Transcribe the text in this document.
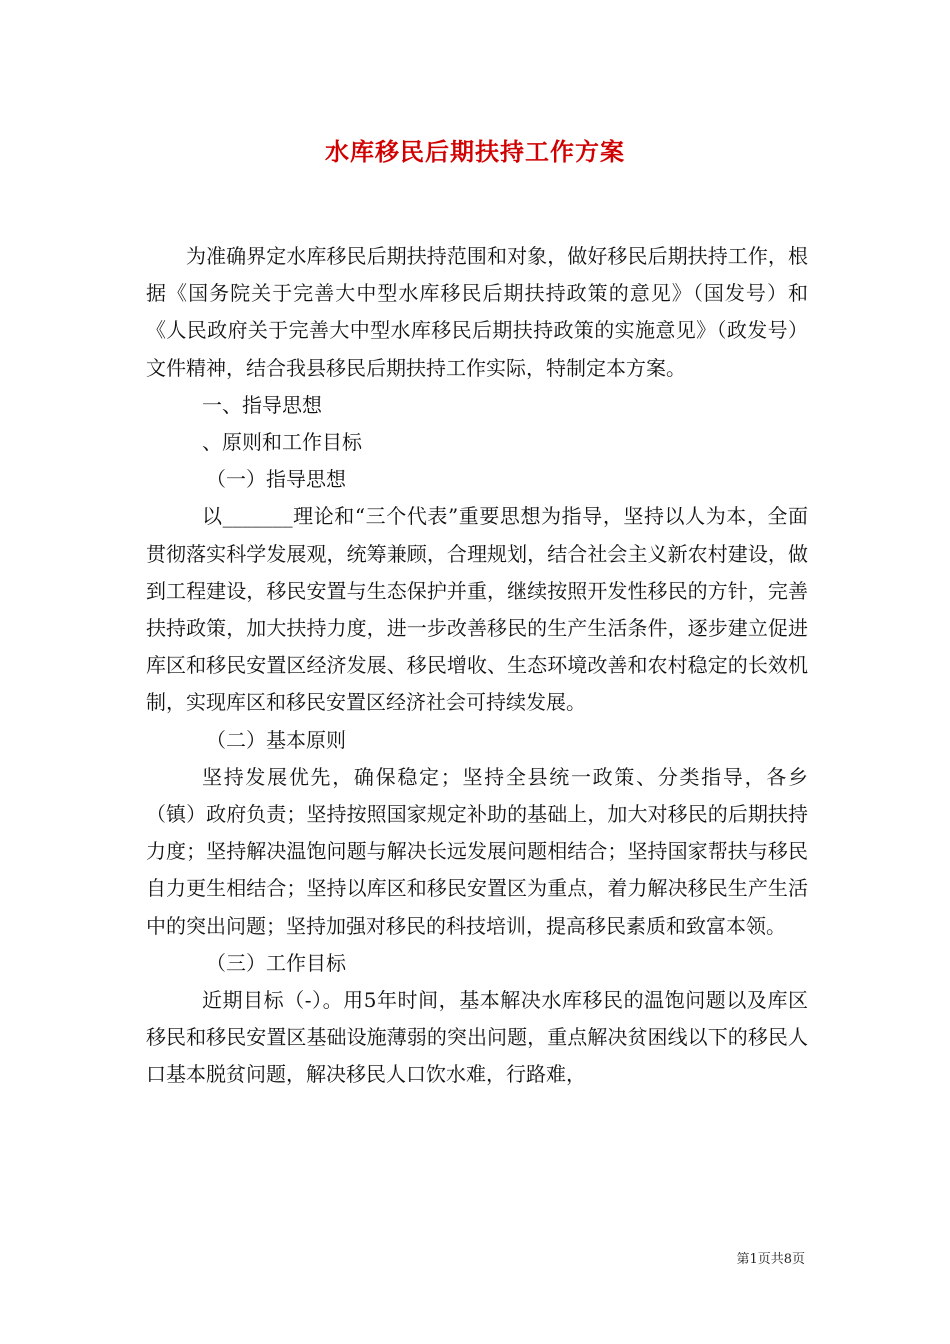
水库移民后期扶持工作方案

为准确界定水库移民后期扶持范围和对象，做好移民后期扶持工作，根据《国务院关于完善大中型水库移民后期扶持政策的意见》（国发号）和《人民政府关于完善大中型水库移民后期扶持政策的实施意见》（政发号）文件精神，结合我县移民后期扶持工作实际，特制定本方案。

一、指导思想

、原则和工作目标

（一）指导思想

以_______理论和“三个代表”重要思想为指导，坚持以人为本，全面贯彻落实科学发展观，统筹兼顾，合理规划，结合社会主义新农村建设，做到工程建设，移民安置与生态保护并重，继续按照开发性移民的方针，完善扶持政策，加大扶持力度，进一步改善移民的生产生活条件，逐步建立促进库区和移民安置区经济发展、移民增收、生态环境改善和农村稳定的长效机制，实现库区和移民安置区经济社会可持续发展。

（二）基本原则

坚持发展优先，确保稳定；坚持全县统一政策、分类指导，各乡（镇）政府负责；坚持按照国家规定补助的基础上，加大对移民的后期扶持力度；坚持解决温饱问题与解决长远发展问题相结合；坚持国家帮扶与移民自力更生相结合；坚持以库区和移民安置区为重点，着力解决移民生产生活中的突出问题；坚持加强对移民的科技培训，提高移民素质和致富本领。

（三）工作目标

近期目标（-）。用5年时间，基本解决水库移民的温饱问题以及库区移民和移民安置区基础设施薄弱的突出问题，重点解决贫困线以下的移民人口基本脱贫问题，解决移民人口饮水难，行路难，

第1页共8页
